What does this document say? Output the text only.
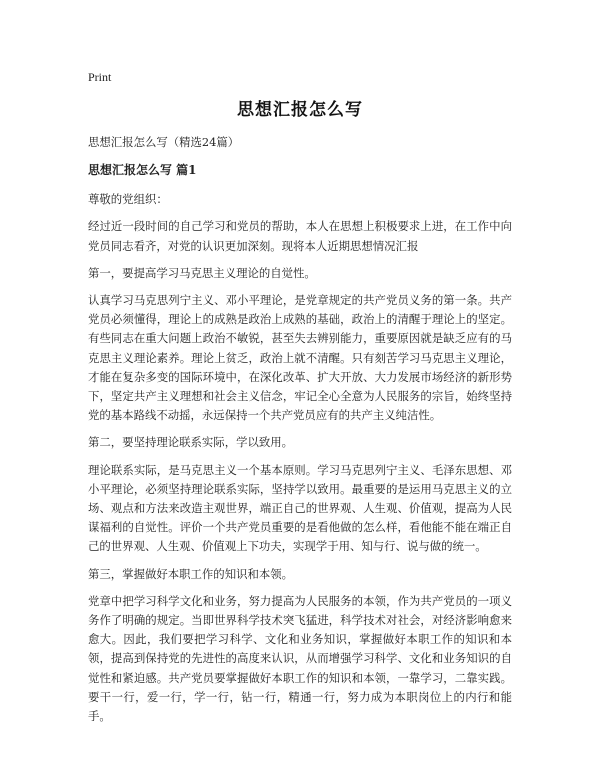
Print
思想汇报怎么写

思想汇报怎么写（精选24篇）

思想汇报怎么写 篇1

尊敬的党组织：

经过近一段时间的自己学习和党员的帮助，本人在思想上积极要求上进，在工作中向党员同志看齐，对党的认识更加深刻。现将本人近期思想情况汇报

第一，要提高学习马克思主义理论的自觉性。

认真学习马克思列宁主义、邓小平理论，是党章规定的共产党员义务的第一条。共产党员必须懂得，理论上的成熟是政治上成熟的基础，政治上的清醒于理论上的坚定。有些同志在重大问题上政治不敏锐，甚至失去辨别能力，重要原因就是缺乏应有的马克思主义理论素养。理论上贫乏，政治上就不清醒。只有刻苦学习马克思主义理论，才能在复杂多变的国际环境中，在深化改革、扩大开放、大力发展市场经济的新形势下，坚定共产主义理想和社会主义信念，牢记全心全意为人民服务的宗旨，始终坚持党的基本路线不动摇，永远保持一个共产党员应有的共产主义纯洁性。

第二，要坚持理论联系实际，学以致用。

理论联系实际，是马克思主义一个基本原则。学习马克思列宁主义、毛泽东思想、邓小平理论，必须坚持理论联系实际，坚持学以致用。最重要的是运用马克思主义的立场、观点和方法来改造主观世界，端正自己的世界观、人生观、价值观，提高为人民谋福利的自觉性。评价一个共产党员重要的是看他做的怎么样，看他能不能在端正自己的世界观、人生观、价值观上下功夫，实现学于用、知与行、说与做的统一。

第三，掌握做好本职工作的知识和本领。

党章中把学习科学文化和业务，努力提高为人民服务的本领，作为共产党员的一项义务作了明确的规定。当即世界科学技术突飞猛进，科学技术对社会，对经济影响愈来愈大。因此，我们要把学习科学、文化和业务知识，掌握做好本职工作的知识和本领，提高到保持党的先进性的高度来认识，从而增强学习科学、文化和业务知识的自觉性和紧迫感。共产党员要掌握做好本职工作的知识和本领，一靠学习，二靠实践。要干一行，爱一行，学一行，钻一行，精通一行，努力成为本职岗位上的内行和能手。
